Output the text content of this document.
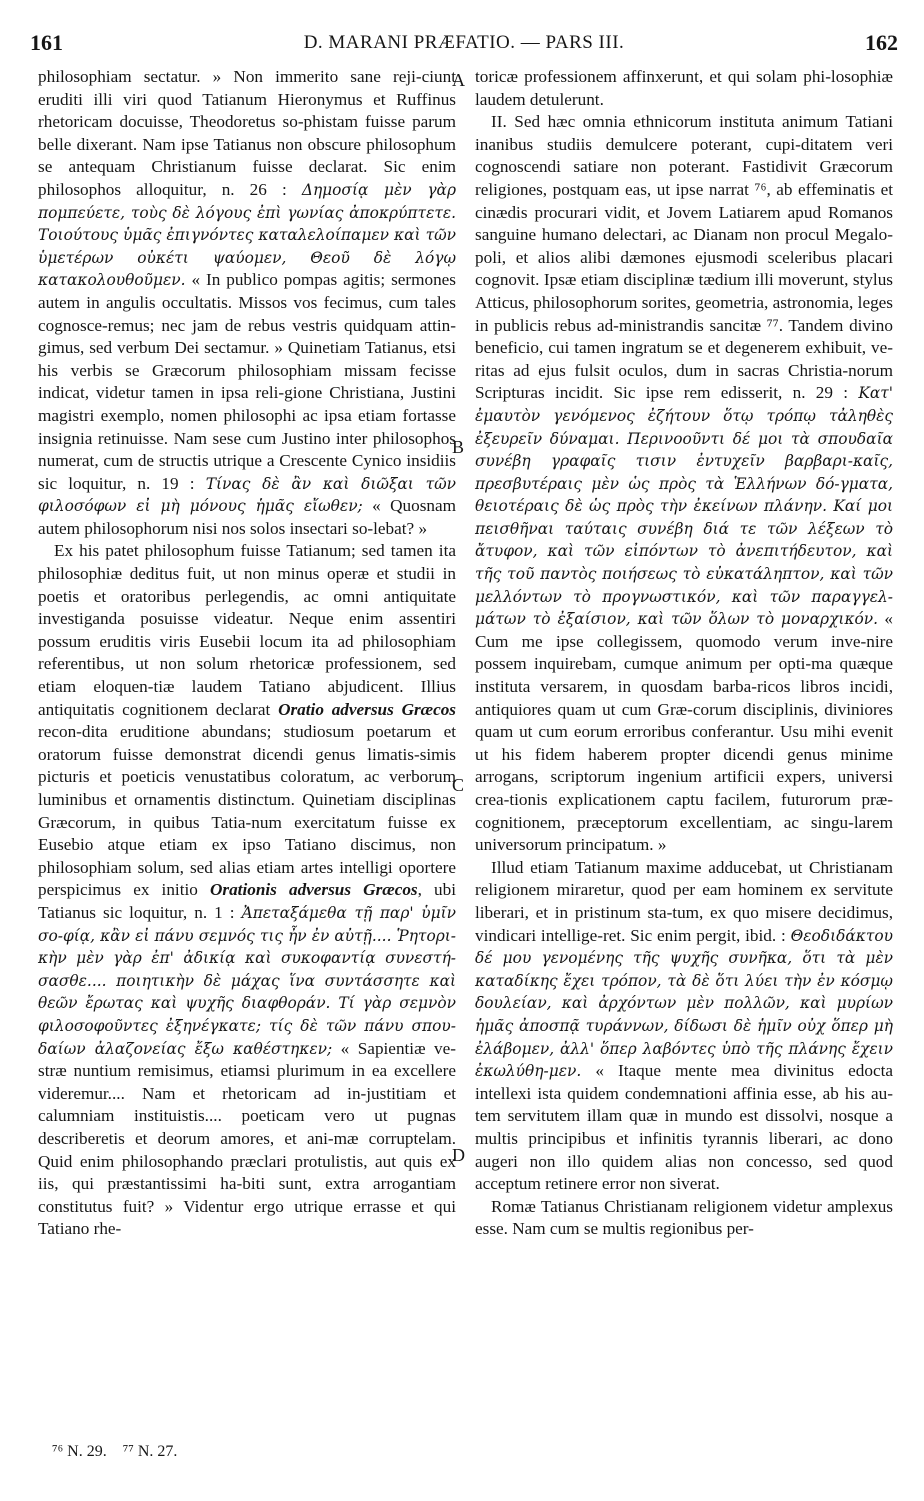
161	D. MARANI PRÆFATIO. — PARS III.	162
A
B
C
D

philosophiam sectatur. » Non immerito sane reji-ciunt eruditi illi viri quod Tatianum Hieronymus et Ruffinus rhetoricam docuisse, Theodoretus so-phistam fuisse parum belle dixerant. Nam ipse Tatianus non obscure philosophum se antequam Christianum fuisse declarat. Sic enim philosophos alloquitur, n. 26 : Δημοσίᾳ μὲν γὰρ πομπεύετε, τοὺς δὲ λόγους ἐπὶ γωνίας ἀποκρύπτετε. Τοιούτους ὑμᾶς ἐπιγνόντες καταλελοίπαμεν καὶ τῶν ὑμετέρων οὐκέτι ψαύομεν, Θεοῦ δὲ λόγῳ κατακολουθοῦμεν. « In publico pompas agitis; sermones autem in angulis occultatis. Missos vos fecimus, cum tales cognosce-remus; nec jam de rebus vestris quidquam attin-gimus, sed verbum Dei sectamur. » Quinetiam Tatianus, etsi his verbis se Græcorum philosophiam missam fecisse indicat, videtur tamen in ipsa reli-gione Christiana, Justini magistri exemplo, nomen philosophi ac ipsa etiam fortasse insignia retinuisse. Nam sese cum Justino inter philosophos numerat, cum de structis utrique a Crescente Cynico insidiis sic loquitur, n. 19 : Τίνας δὲ ἂν καὶ διῶξαι τῶν φιλοσόφων εἰ μὴ μόνους ἡμᾶς εἴωθεν; « Quosnam autem philosophorum nisi nos solos insectari so-lebat? »

Ex his patet philosophum fuisse Tatianum; sed tamen ita philosophiæ deditus fuit, ut non minus operæ et studii in poetis et oratoribus perlegendis, ac omni antiquitate investiganda posuisse videatur. Neque enim assentiri possum eruditis viris Eusebii locum ita ad philosophiam referentibus, ut non solum rhetoricæ professionem, sed etiam eloquen-tiæ laudem Tatiano abjudicent. Illius antiquitatis cognitionem declarat Oratio adversus Græcos recon-dita eruditione abundans; studiosum poetarum et oratorum fuisse demonstrat dicendi genus limatis-simis picturis et poeticis venustatibus coloratum, ac verborum luminibus et ornamentis distinctum. Quinetiam disciplinas Græcorum, in quibus Tatia-num exercitatum fuisse ex Eusebio atque etiam ex ipso Tatiano discimus, non philosophiam solum, sed alias etiam artes intelligi oportere perspicimus ex initio Orationis adversus Græcos, ubi Tatianus sic loquitur, n. 1 : Ἀπεταξάμεθα τῇ παρ' ὑμῖν σο-φίᾳ, κἂν εἰ πάνυ σεμνός τις ἦν ἐν αὐτῇ.... Ῥητορι-κὴν μὲν γὰρ ἐπ' ἀδικίᾳ καὶ συκοφαντίᾳ συνεστή-σασθε.... ποιητικὴν δὲ μάχας ἵνα συντάσσητε καὶ θεῶν ἔρωτας καὶ ψυχῆς διαφθοράν. Τί γὰρ σεμνὸν φιλοσοφοῦντες ἐξηνέγκατε; τίς δὲ τῶν πάνυ σπου-δαίων ἀλαζονείας ἔξω καθέστηκεν; « Sapientiæ ve-stræ nuntium remisimus, etiamsi plurimum in ea excellere videremur.... Nam et rhetoricam ad in-justitiam et calumniam instituistis.... poeticam vero ut pugnas describeretis et deorum amores, et ani-mæ corruptelam. Quid enim philosophando præclari protulistis, aut quis ex iis, qui præstantissimi ha-biti sunt, extra arrogantiam constitutus fuit? » Videntur ergo utrique errasse et qui Tatiano rhe-

toricæ professionem affinxerunt, et qui solam phi-losophiæ laudem detulerunt.

II. Sed hæc omnia ethnicorum instituta animum Tatiani inanibus studiis demulcere poterant, cupi-ditatem veri cognoscendi satiare non poterant. Fastidivit Græcorum religiones, postquam eas, ut ipse narrat ⁷⁶, ab effeminatis et cinædis procurari vidit, et Jovem Latiarem apud Romanos sanguine humano delectari, ac Dianam non procul Megalo-poli, et alios alibi dæmones ejusmodi sceleribus placari cognovit. Ipsæ etiam disciplinæ tædium illi moverunt, stylus Atticus, philosophorum sorites, geometria, astronomia, leges in publicis rebus ad-ministrandis sancitæ ⁷⁷. Tandem divino beneficio, cui tamen ingratum se et degenerem exhibuit, ve-ritas ad ejus fulsit oculos, dum in sacras Christia-norum Scripturas incidit. Sic ipse rem edisserit, n. 29 : Κατ' ἐμαυτὸν γενόμενος ἐζήτουν ὅτῳ τρόπῳ τἀληθὲς ἐξευρεῖν δύναμαι. Περινοοῦντι δέ μοι τὰ σπουδαῖα συνέβη γραφαῖς τισιν ἐντυχεῖν βαρβαρι-καῖς, πρεσβυτέραις μὲν ὡς πρὸς τὰ Ἑλλήνων δό-γματα, θειοτέραις δὲ ὡς πρὸς τὴν ἐκείνων πλάνην. Καί μοι πεισθῆναι ταύταις συνέβη διά τε τῶν λέξεων τὸ ἄτυφον, καὶ τῶν εἰπόντων τὸ ἀνεπιτήδευτον, καὶ τῆς τοῦ παντὸς ποιήσεως τὸ εὐκατάληπτον, καὶ τῶν μελλόντων τὸ προγνωστικόν, καὶ τῶν παραγγελ-μάτων τὸ ἐξαίσιον, καὶ τῶν ὅλων τὸ μοναρχικόν. « Cum me ipse collegissem, quomodo verum inve-nire possem inquirebam, cumque animum per opti-ma quæque instituta versarem, in quosdam barba-ricos libros incidi, antiquiores quam ut cum Græ-corum disciplinis, diviniores quam ut cum eorum erroribus conferantur. Usu mihi evenit ut his fidem haberem propter dicendi genus minime arrogans, scriptorum ingenium artificii expers, universi crea-tionis explicationem captu facilem, futurorum præ-cognitionem, præceptorum excellentiam, ac singu-larem universorum principatum. »

Illud etiam Tatianum maxime adducebat, ut Christianam religionem miraretur, quod per eam hominem ex servitute liberari, et in pristinum sta-tum, ex quo misere decidimus, vindicari intellige-ret. Sic enim pergit, ibid. : Θεοδιδάκτου δέ μου γενομένης τῆς ψυχῆς συνῆκα, ὅτι τὰ μὲν καταδίκης ἔχει τρόπον, τὰ δὲ ὅτι λύει τὴν ἐν κόσμῳ δουλείαν, καὶ ἀρχόντων μὲν πολλῶν, καὶ μυρίων ἡμᾶς ἀποσπᾷ τυράννων, δίδωσι δὲ ἡμῖν οὐχ ὅπερ μὴ ἐλάβομεν, ἀλλ' ὅπερ λαβόντες ὑπὸ τῆς πλάνης ἔχειν ἐκωλύθη-μεν. « Itaque mente mea divinitus edocta intellexi ista quidem condemnationi affinia esse, ab his au-tem servitutem illam quæ in mundo est dissolvi, nosque a multis principibus et infinitis tyrannis liberari, ac dono augeri non illo quidem alias non concesso, sed quod acceptum retinere error non siverat.

Romæ Tatianus Christianam religionem videtur amplexus esse. Nam cum se multis regionibus per-

⁷⁶ N. 29. ⁷⁷ N. 27.
